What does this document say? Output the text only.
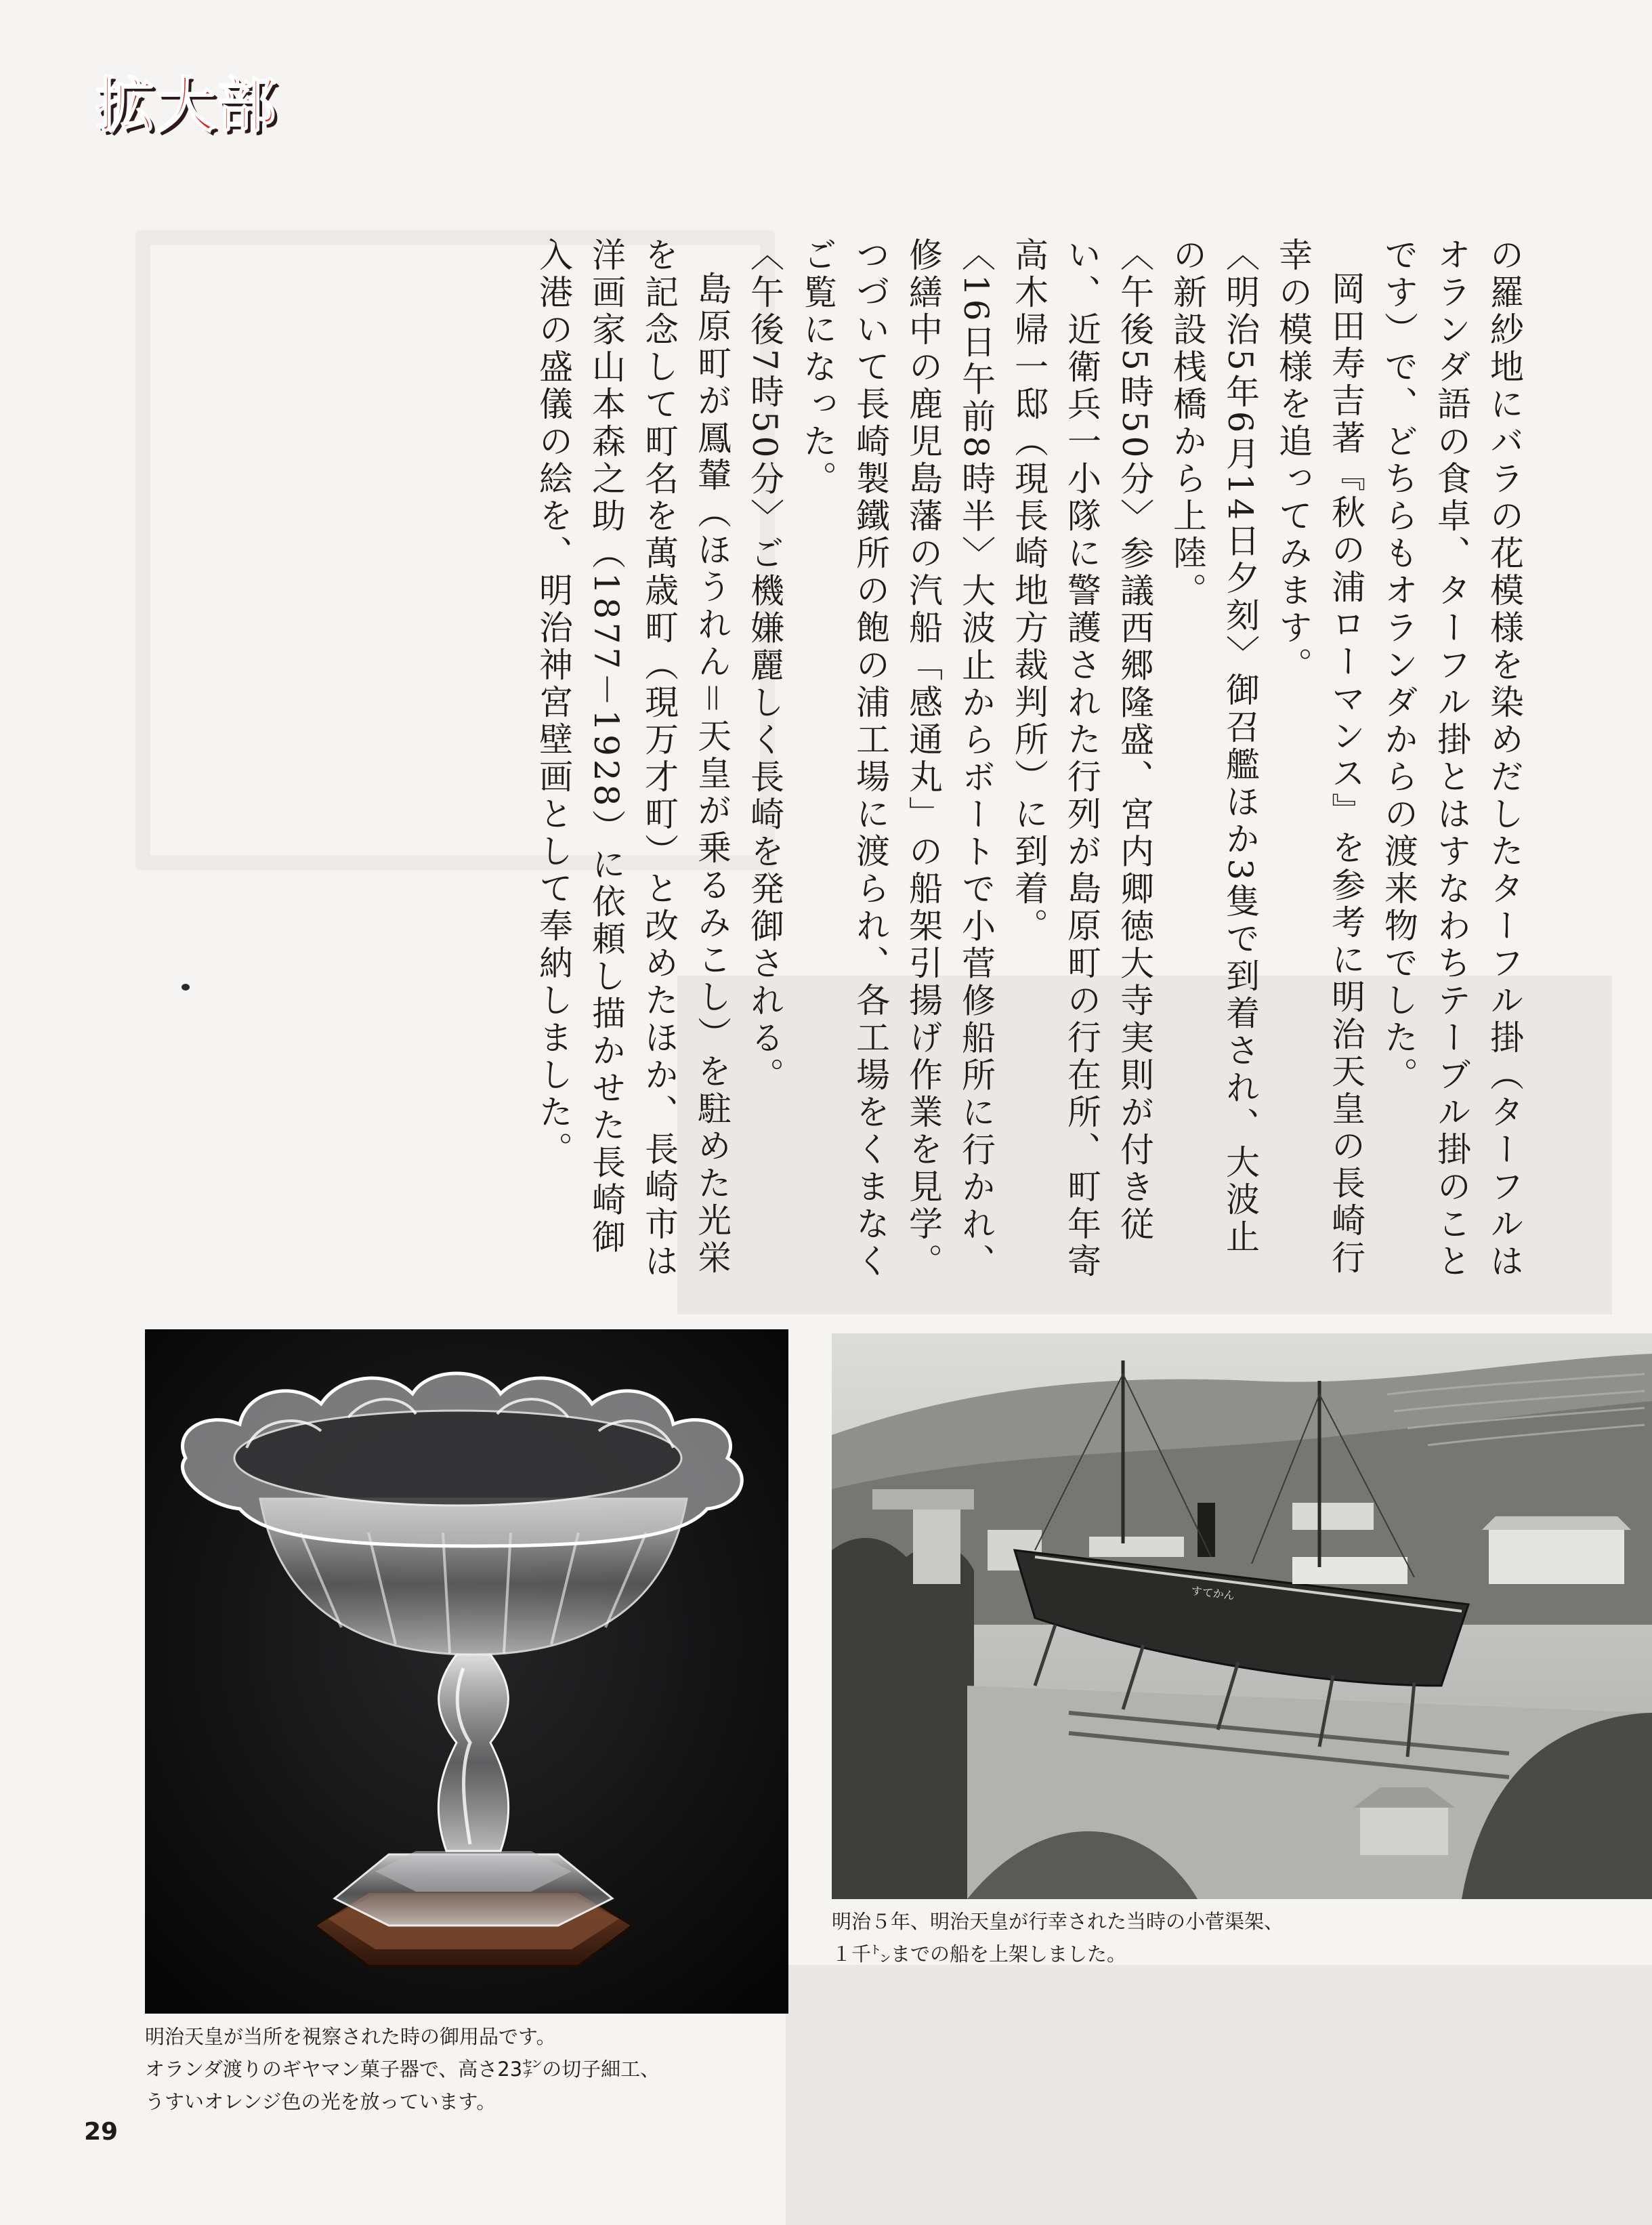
拡大部

の羅紗地にバラの花模様を染めだしたターフル掛（ターフルはオランダ語の食卓、ターフル掛とはすなわちテーブル掛のことです）で、どちらもオランダからの渡来物でした。

岡田寿吉著『秋の浦ローマンス』を参考に明治天皇の長崎行幸の模様を追ってみます。

〈明治5年6月14日夕刻〉御召艦ほか3隻で到着され、大波止の新設桟橋から上陸。

〈午後5時50分〉参議西郷隆盛、宮内卿徳大寺実則が付き従い、近衛兵一小隊に警護された行列が島原町の行在所、町年寄高木帰一邸（現長崎地方裁判所）に到着。

〈16日午前8時半〉大波止からボートで小菅修船所に行かれ、修繕中の鹿児島藩の汽船「感通丸」の船架引揚げ作業を見学。つづいて長崎製鐵所の飽の浦工場に渡られ、各工場をくまなくご覧になった。

〈午後7時50分〉ご機嫌麗しく長崎を発御される。

島原町が鳳輦（ほうれん＝天皇が乗るみこし）を駐めた光栄を記念して町名を萬歳町（現万才町）と改めたほか、長崎市は洋画家山本森之助（1877－1928）に依頼し描かせた長崎御入港の盛儀の絵を、明治神宮壁画として奉納しました。

すてかん
明治５年、明治天皇が行幸された当時の小菅渠架、
１千㌧までの船を上架しました。
明治天皇が当所を視察された時の御用品です。
オランダ渡りのギヤマン菓子器で、高さ23㌢の切子細工、
うすいオレンジ色の光を放っています。
29
